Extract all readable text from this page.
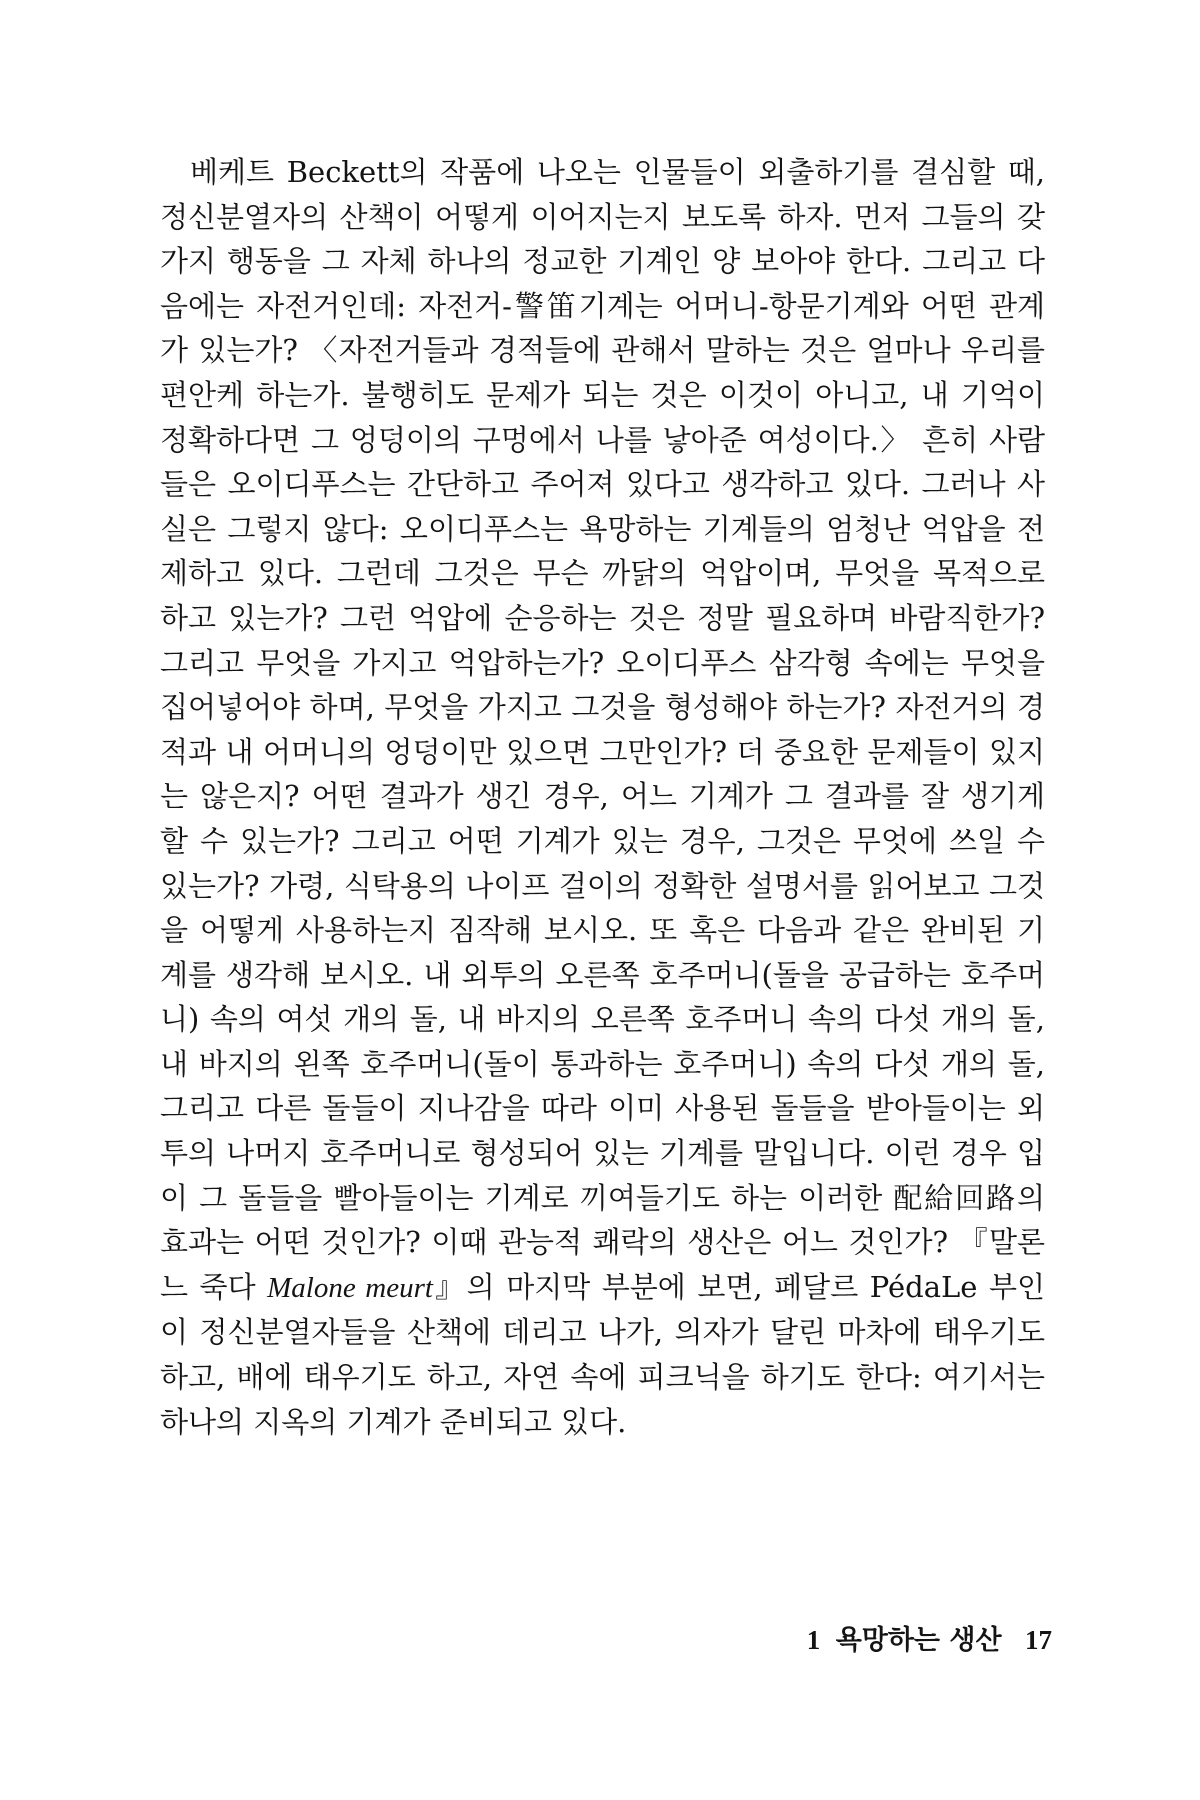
베케트 Beckett의 작품에 나오는 인물들이 외출하기를 결심할 때, 정신분열자의 산책이 어떻게 이어지는지 보도록 하자. 먼저 그들의 갖가지 행동을 그 자체 하나의 정교한 기계인 양 보아야 한다. 그리고 다음에는 자전거인데: 자전거-警笛기계는 어머니-항문기계와 어떤 관계가 있는가? 〈자전거들과 경적들에 관해서 말하는 것은 얼마나 우리를 편안케 하는가. 불행히도 문제가 되는 것은 이것이 아니고, 내 기억이 정확하다면 그 엉덩이의 구멍에서 나를 낳아준 여성이다.〉 흔히 사람들은 오이디푸스는 간단하고 주어져 있다고 생각하고 있다. 그러나 사실은 그렇지 않다: 오이디푸스는 욕망하는 기계들의 엄청난 억압을 전제하고 있다. 그런데 그것은 무슨 까닭의 억압이며, 무엇을 목적으로 하고 있는가? 그런 억압에 순응하는 것은 정말 필요하며 바람직한가? 그리고 무엇을 가지고 억압하는가? 오이디푸스 삼각형 속에는 무엇을 집어넣어야 하며, 무엇을 가지고 그것을 형성해야 하는가? 자전거의 경적과 내 어머니의 엉덩이만 있으면 그만인가? 더 중요한 문제들이 있지는 않은지? 어떤 결과가 생긴 경우, 어느 기계가 그 결과를 잘 생기게 할 수 있는가? 그리고 어떤 기계가 있는 경우, 그것은 무엇에 쓰일 수 있는가? 가령, 식탁용의 나이프 걸이의 정확한 설명서를 읽어보고 그것을 어떻게 사용하는지 짐작해 보시오. 또 혹은 다음과 같은 완비된 기계를 생각해 보시오. 내 외투의 오른쪽 호주머니(돌을 공급하는 호주머니) 속의 여섯 개의 돌, 내 바지의 오른쪽 호주머니 속의 다섯 개의 돌, 내 바지의 왼쪽 호주머니(돌이 통과하는 호주머니) 속의 다섯 개의 돌, 그리고 다른 돌들이 지나감을 따라 이미 사용된 돌들을 받아들이는 외투의 나머지 호주머니로 형성되어 있는 기계를 말입니다. 이런 경우 입이 그 돌들을 빨아들이는 기계로 끼여들기도 하는 이러한 配給回路의 효과는 어떤 것인가? 이때 관능적 쾌락의 생산은 어느 것인가? 『말론느 죽다 Malone meurt』의 마지막 부분에 보면, 페달르 PédaLe 부인이 정신분열자들을 산책에 데리고 나가, 의자가 달린 마차에 태우기도 하고, 배에 태우기도 하고, 자연 속에 피크닉을 하기도 한다: 여기서는 하나의 지옥의 기계가 준비되고 있다.

1 욕망하는 생산 17
